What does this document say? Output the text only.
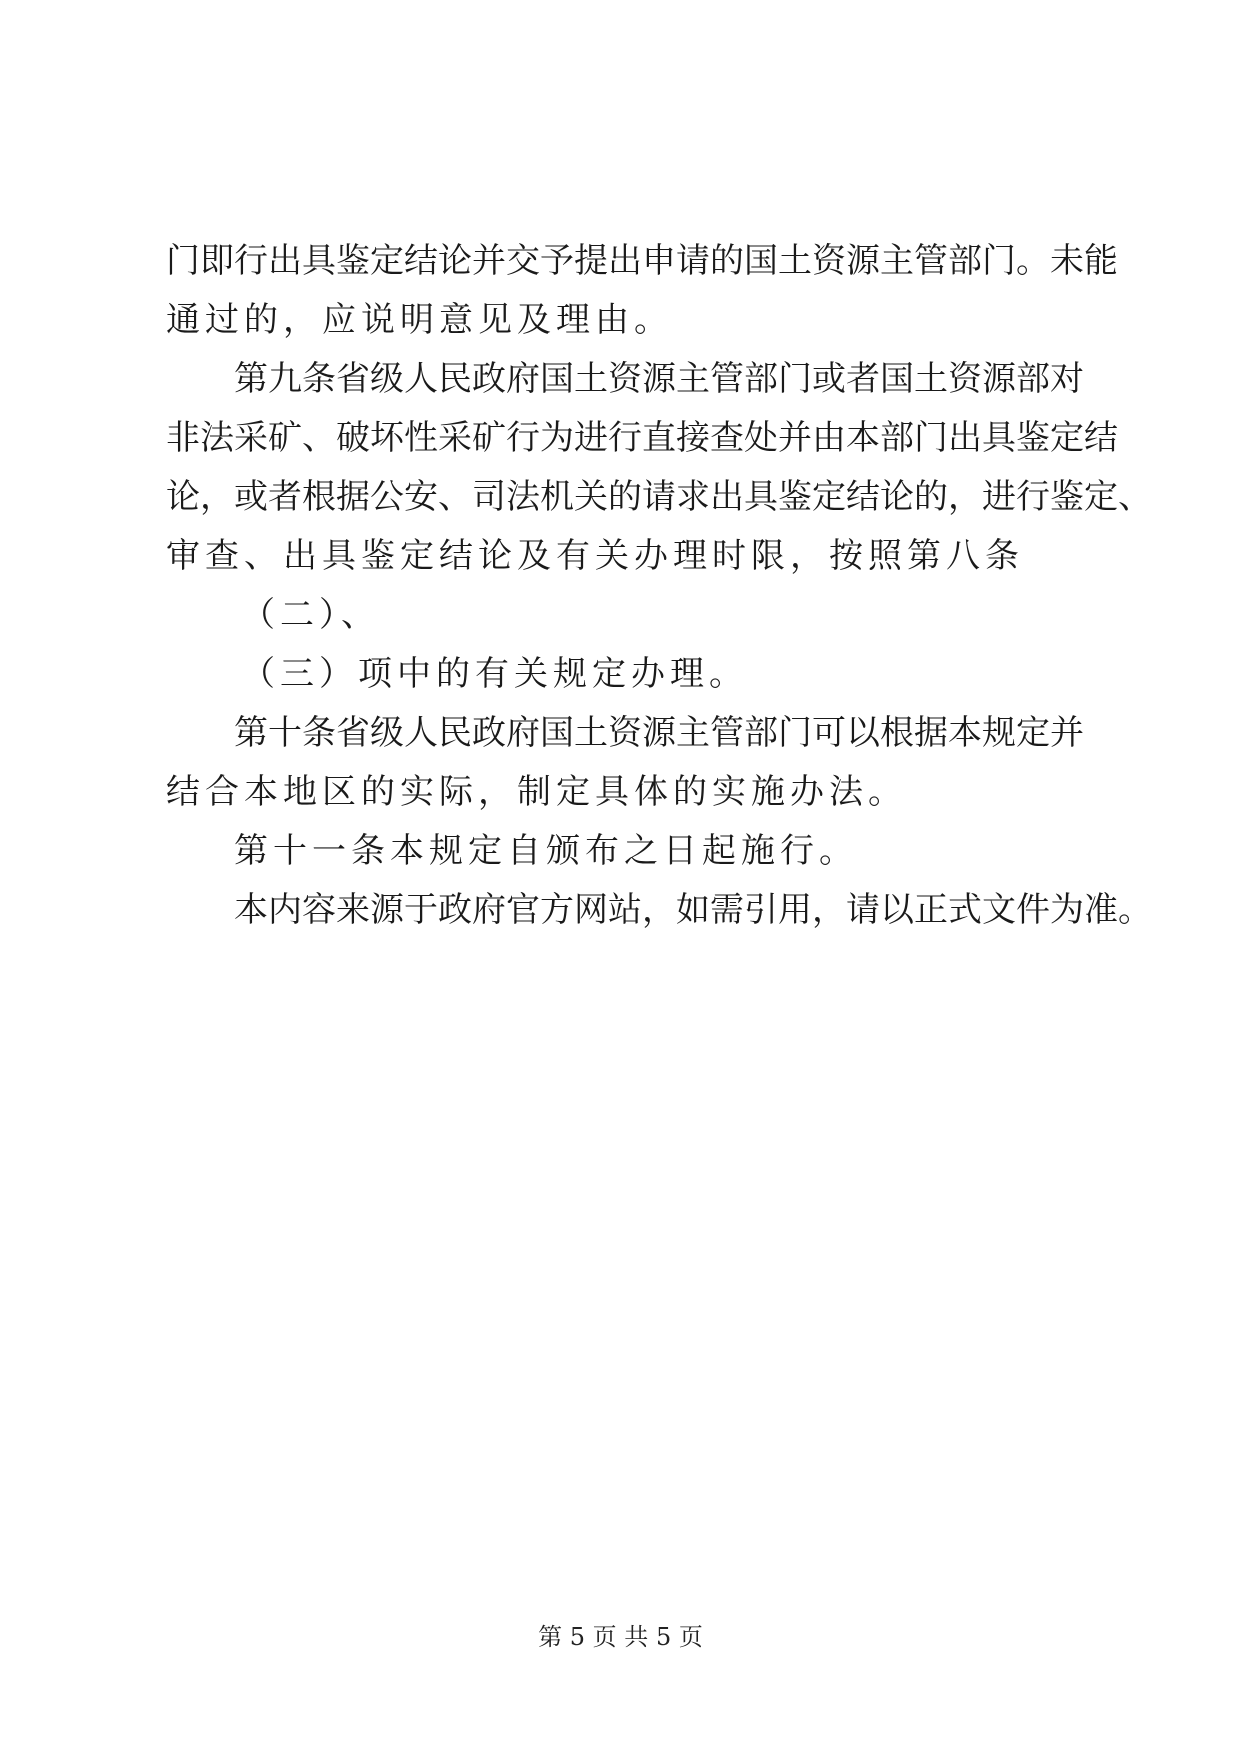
门即行出具鉴定结论并交予提出申请的国土资源主管部门。未能
通过的，应说明意见及理由。

第九条省级人民政府国土资源主管部门或者国土资源部对
非法采矿、破坏性采矿行为进行直接查处并由本部门出具鉴定结
论，或者根据公安、司法机关的请求出具鉴定结论的，进行鉴定、
审查、出具鉴定结论及有关办理时限，按照第八条

（二）、

（三）项中的有关规定办理。

第十条省级人民政府国土资源主管部门可以根据本规定并
结合本地区的实际，制定具体的实施办法。

第十一条本规定自颁布之日起施行。

本内容来源于政府官方网站，如需引用，请以正式文件为准。

第 5 页 共 5 页
